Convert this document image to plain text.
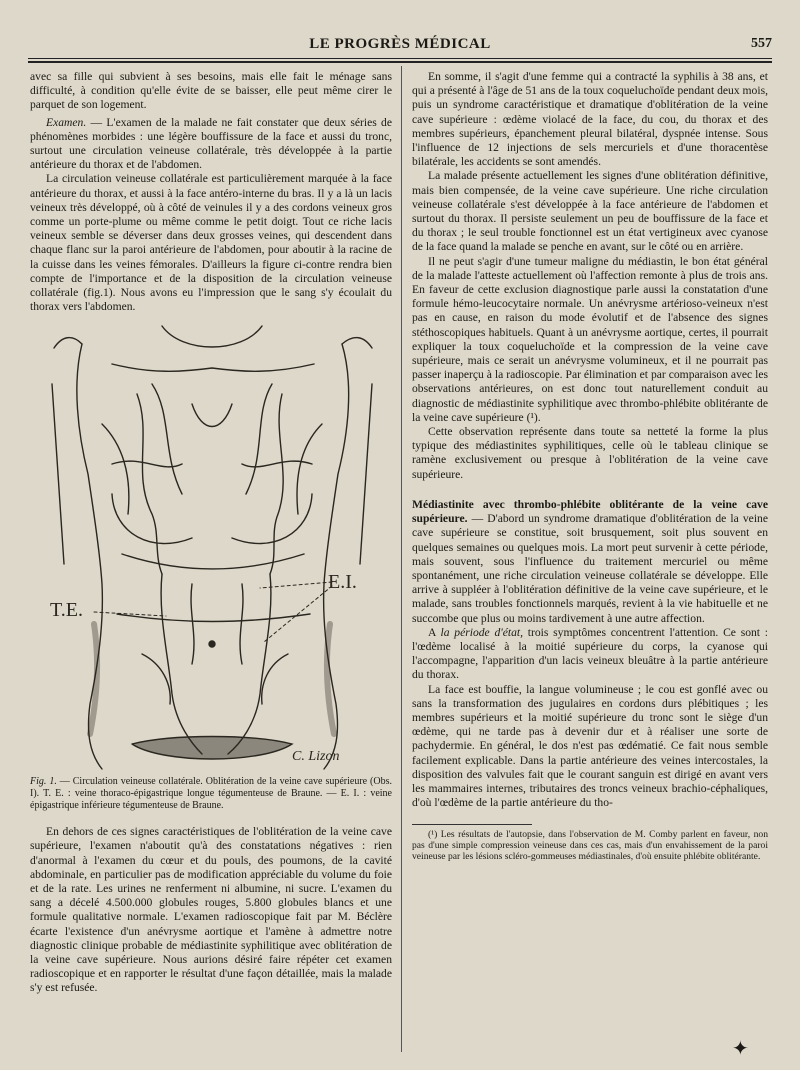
LE PROGRÈS MÉDICAL	557

avec sa fille qui subvient à ses besoins, mais elle fait le ménage sans difficulté, à condition qu'elle évite de se baisser, elle peut même cirer le parquet de son logement.

Examen. — L'examen de la malade ne fait constater que deux séries de phénomènes morbides : une légère bouffissure de la face et aussi du tronc, surtout une circulation veineuse collatérale, très développée à la partie antérieure du thorax et de l'abdomen.

La circulation veineuse collatérale est particulièrement marquée à la face antérieure du thorax, et aussi à la face antéro-interne du bras. Il y a là un lacis veineux très développé, où à côté de veinules il y a des cordons veineux gros comme un porte-plume ou même comme le petit doigt. Tout ce riche lacis veineux semble se déverser dans deux grosses veines, qui descendent dans chaque flanc sur la paroi antérieure de l'abdomen, pour aboutir à la racine de la cuisse dans les veines fémorales. D'ailleurs la figure ci-contre rendra bien compte de l'importance et de la disposition de la circulation veineuse collatérale (fig.1). Nous avons eu l'impression que le sang s'y écoulait du thorax vers l'abdomen.

T.E.
E.I.
C. Lizon

Fig. 1. — Circulation veineuse collatérale. Oblitération de la veine cave supérieure (Obs. I). T. E. : veine thoraco-épigastrique longue tégumenteuse de Braune. — E. I. : veine épigastrique inférieure tégumenteuse de Braune.

En dehors de ces signes caractéristiques de l'oblitération de la veine cave supérieure, l'examen n'aboutit qu'à des constatations négatives : rien d'anormal à l'examen du cœur et du pouls, des poumons, de la cavité abdominale, en particulier pas de modification appréciable du volume du foie et de la rate. Les urines ne renferment ni albumine, ni sucre. L'examen du sang a décelé 4.500.000 globules rouges, 5.800 globules blancs et une formule qualitative normale. L'examen radioscopique fait par M. Béclère écarte l'existence d'un anévrysme aortique et l'amène à admettre notre diagnostic clinique probable de médiastinite syphilitique avec oblitération de la veine cave supérieure. Nous aurions désiré faire répéter cet examen radioscopique et en rapporter le résultat d'une façon détaillée, mais la malade s'y est refusée.

En somme, il s'agit d'une femme qui a contracté la syphilis à 38 ans, et qui a présenté à l'âge de 51 ans de la toux coqueluchoïde pendant deux mois, puis un syndrome caractéristique et dramatique d'oblitération de la veine cave supérieure : œdème violacé de la face, du cou, du thorax et des membres supérieurs, épanchement pleural bilatéral, dyspnée intense. Sous l'influence de 12 injections de sels mercuriels et d'une thoracentèse bilatérale, les accidents se sont amendés.

La malade présente actuellement les signes d'une oblitération définitive, mais bien compensée, de la veine cave supérieure. Une riche circulation veineuse collatérale s'est développée à la face antérieure de l'abdomen et surtout du thorax. Il persiste seulement un peu de bouffissure de la face et du thorax ; le seul trouble fonctionnel est un état vertigineux avec cyanose de la face quand la malade se penche en avant, sur le côté ou en arrière.

Il ne peut s'agir d'une tumeur maligne du médiastin, le bon état général de la malade l'atteste actuellement où l'affection remonte à plus de trois ans. En faveur de cette exclusion diagnostique parle aussi la constatation d'une formule hémo-leucocytaire normale. Un anévrysme artérioso-veineux n'est pas en cause, en raison du mode évolutif et de l'absence des signes stéthoscopiques habituels. Quant à un anévrysme aortique, certes, il pourrait expliquer la toux coqueluchoïde et la compression de la veine cave supérieure, mais ce serait un anévrysme volumineux, et il ne pourrait pas passer inaperçu à la radioscopie. Par élimination et par comparaison avec les observations antérieures, on est donc tout naturellement conduit au diagnostic de médiastinite syphilitique avec thrombo-phlébite oblitérante de la veine cave supérieure (¹).

Cette observation représente dans toute sa netteté la forme la plus typique des médiastinites syphilitiques, celle où le tableau clinique se ramène exclusivement ou presque à l'oblitération de la veine cave supérieure.

Médiastinite avec thrombo-phlébite oblitérante de la veine cave supérieure. — D'abord un syndrome dramatique d'oblitération de la veine cave supérieure se constitue, soit brusquement, soit plus souvent en quelques semaines ou quelques mois. La mort peut survenir à cette période, mais souvent, sous l'influence du traitement mercuriel ou même spontanément, une riche circulation veineuse collatérale se développe. Elle arrive à suppléer à l'oblitération définitive de la veine cave supérieure, et le malade, sans troubles fonctionnels marqués, revient à la vie habituelle et ne succombe que plus ou moins tardivement à une autre affection.

A la période d'état, trois symptômes concentrent l'attention. Ce sont : l'œdème localisé à la moitié supérieure du corps, la cyanose qui l'accompagne, l'apparition d'un lacis veineux bleuâtre à la partie antérieure du thorax.

La face est bouffie, la langue volumineuse ; le cou est gonflé avec ou sans la transformation des jugulaires en cordons durs plébitiques ; les membres supérieurs et la moitié supérieure du tronc sont le siège d'un œdème, qui ne tarde pas à devenir dur et à réaliser une sorte de pachydermie. En général, le dos n'est pas œdématié. Ce fait nous semble facilement explicable. Dans la partie antérieure des veines intercostales, la disposition des valvules fait que le courant sanguin est dirigé en avant vers les mammaires internes, tributaires des troncs veineux brachio-céphaliques, d'où l'œdème de la partie antérieure du tho-

(¹) Les résultats de l'autopsie, dans l'observation de M. Comby parlent en faveur, non pas d'une simple compression veineuse dans ces cas, mais d'un envahissement de la paroi veineuse par les lésions scléro-gommeuses médiastinales, d'où ensuite phlébite oblitérante.

✦
